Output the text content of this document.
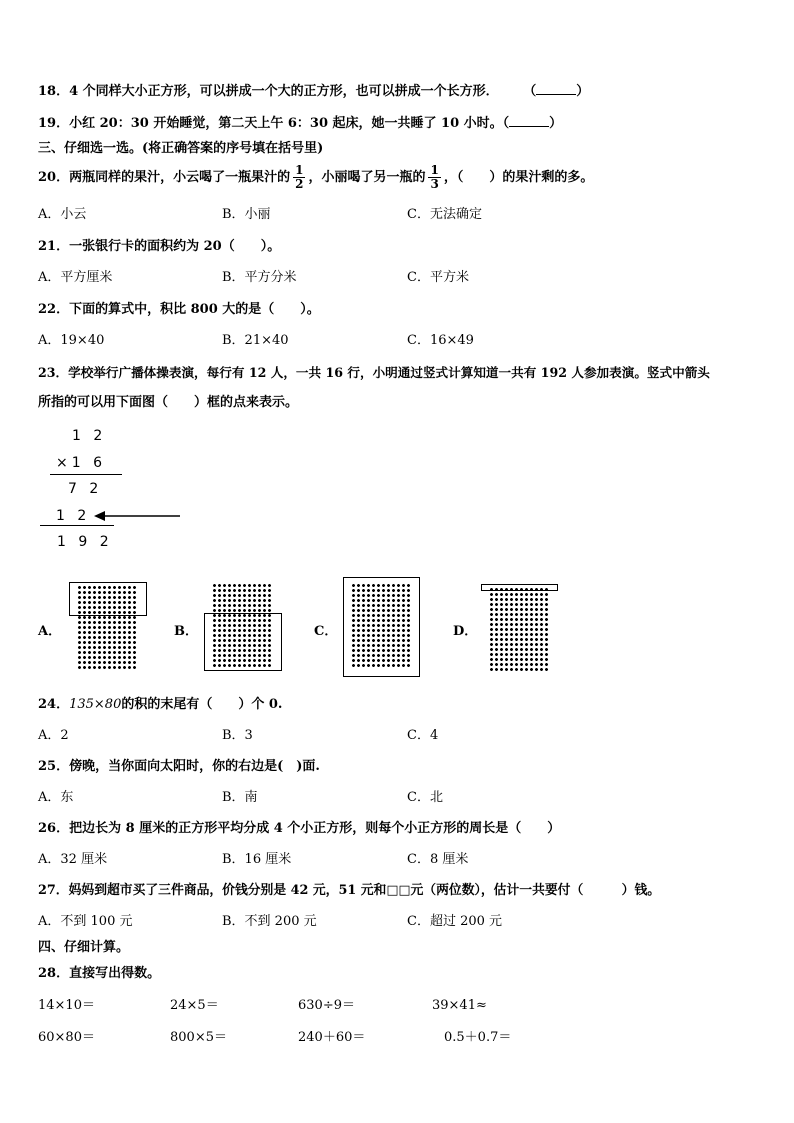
18．4 个同样大小正方形，可以拼成一个大的正方形，也可以拼成一个长方形． （	）
19．小红 20：30 开始睡觉，第二天上午 6：30 起床，她一共睡了 10 小时。（	）
三、仔细选一选。(将正确答案的序号填在括号里)
20．两瓶同样的果汁，小云喝了一瓶果汁的 $\frac{1}{2}$ ，小丽喝了另一瓶的 $\frac{1}{3}$ ，（　　）的果汁剩的多。
A．小云	B．小丽	C．无法确定
21．一张银行卡的面积约为 20（　　）。
A．平方厘米	B．平方分米	C．平方米
22．下面的算式中，积比 800 大的是（　　）。
A．19×40	B．21×40	C．16×49
23．学校举行广播体操表演，每行有 12 人，一共 16 行，小明通过竖式计算知道一共有 192 人参加表演。竖式中箭头
所指的可以用下面图（　　）框的点来表示。
1 2
×1 6
7 2
1 2
1 9 2
A．	B．	C．	D．
24．135×80的积的末尾有（　　）个 0.
A．2	B．3	C．4
25．傍晚，当你面向太阳时，你的右边是(　)面.
A．东	B．南	C．北
26．把边长为 8 厘米的正方形平均分成 4 个小正方形，则每个小正方形的周长是（　　）
A．32 厘米	B．16 厘米	C．8 厘米
27．妈妈到超市买了三件商品，价钱分别是 42 元，51 元和□□元（两位数），估计一共要付（　　　）钱。
A．不到 100 元	B．不到 200 元	C．超过 200 元
四、仔细计算。
28．直接写出得数。
14×10＝	24×5＝	630÷9＝	39×41≈
60×80＝	800×5＝	240＋60＝	0.5＋0.7＝
